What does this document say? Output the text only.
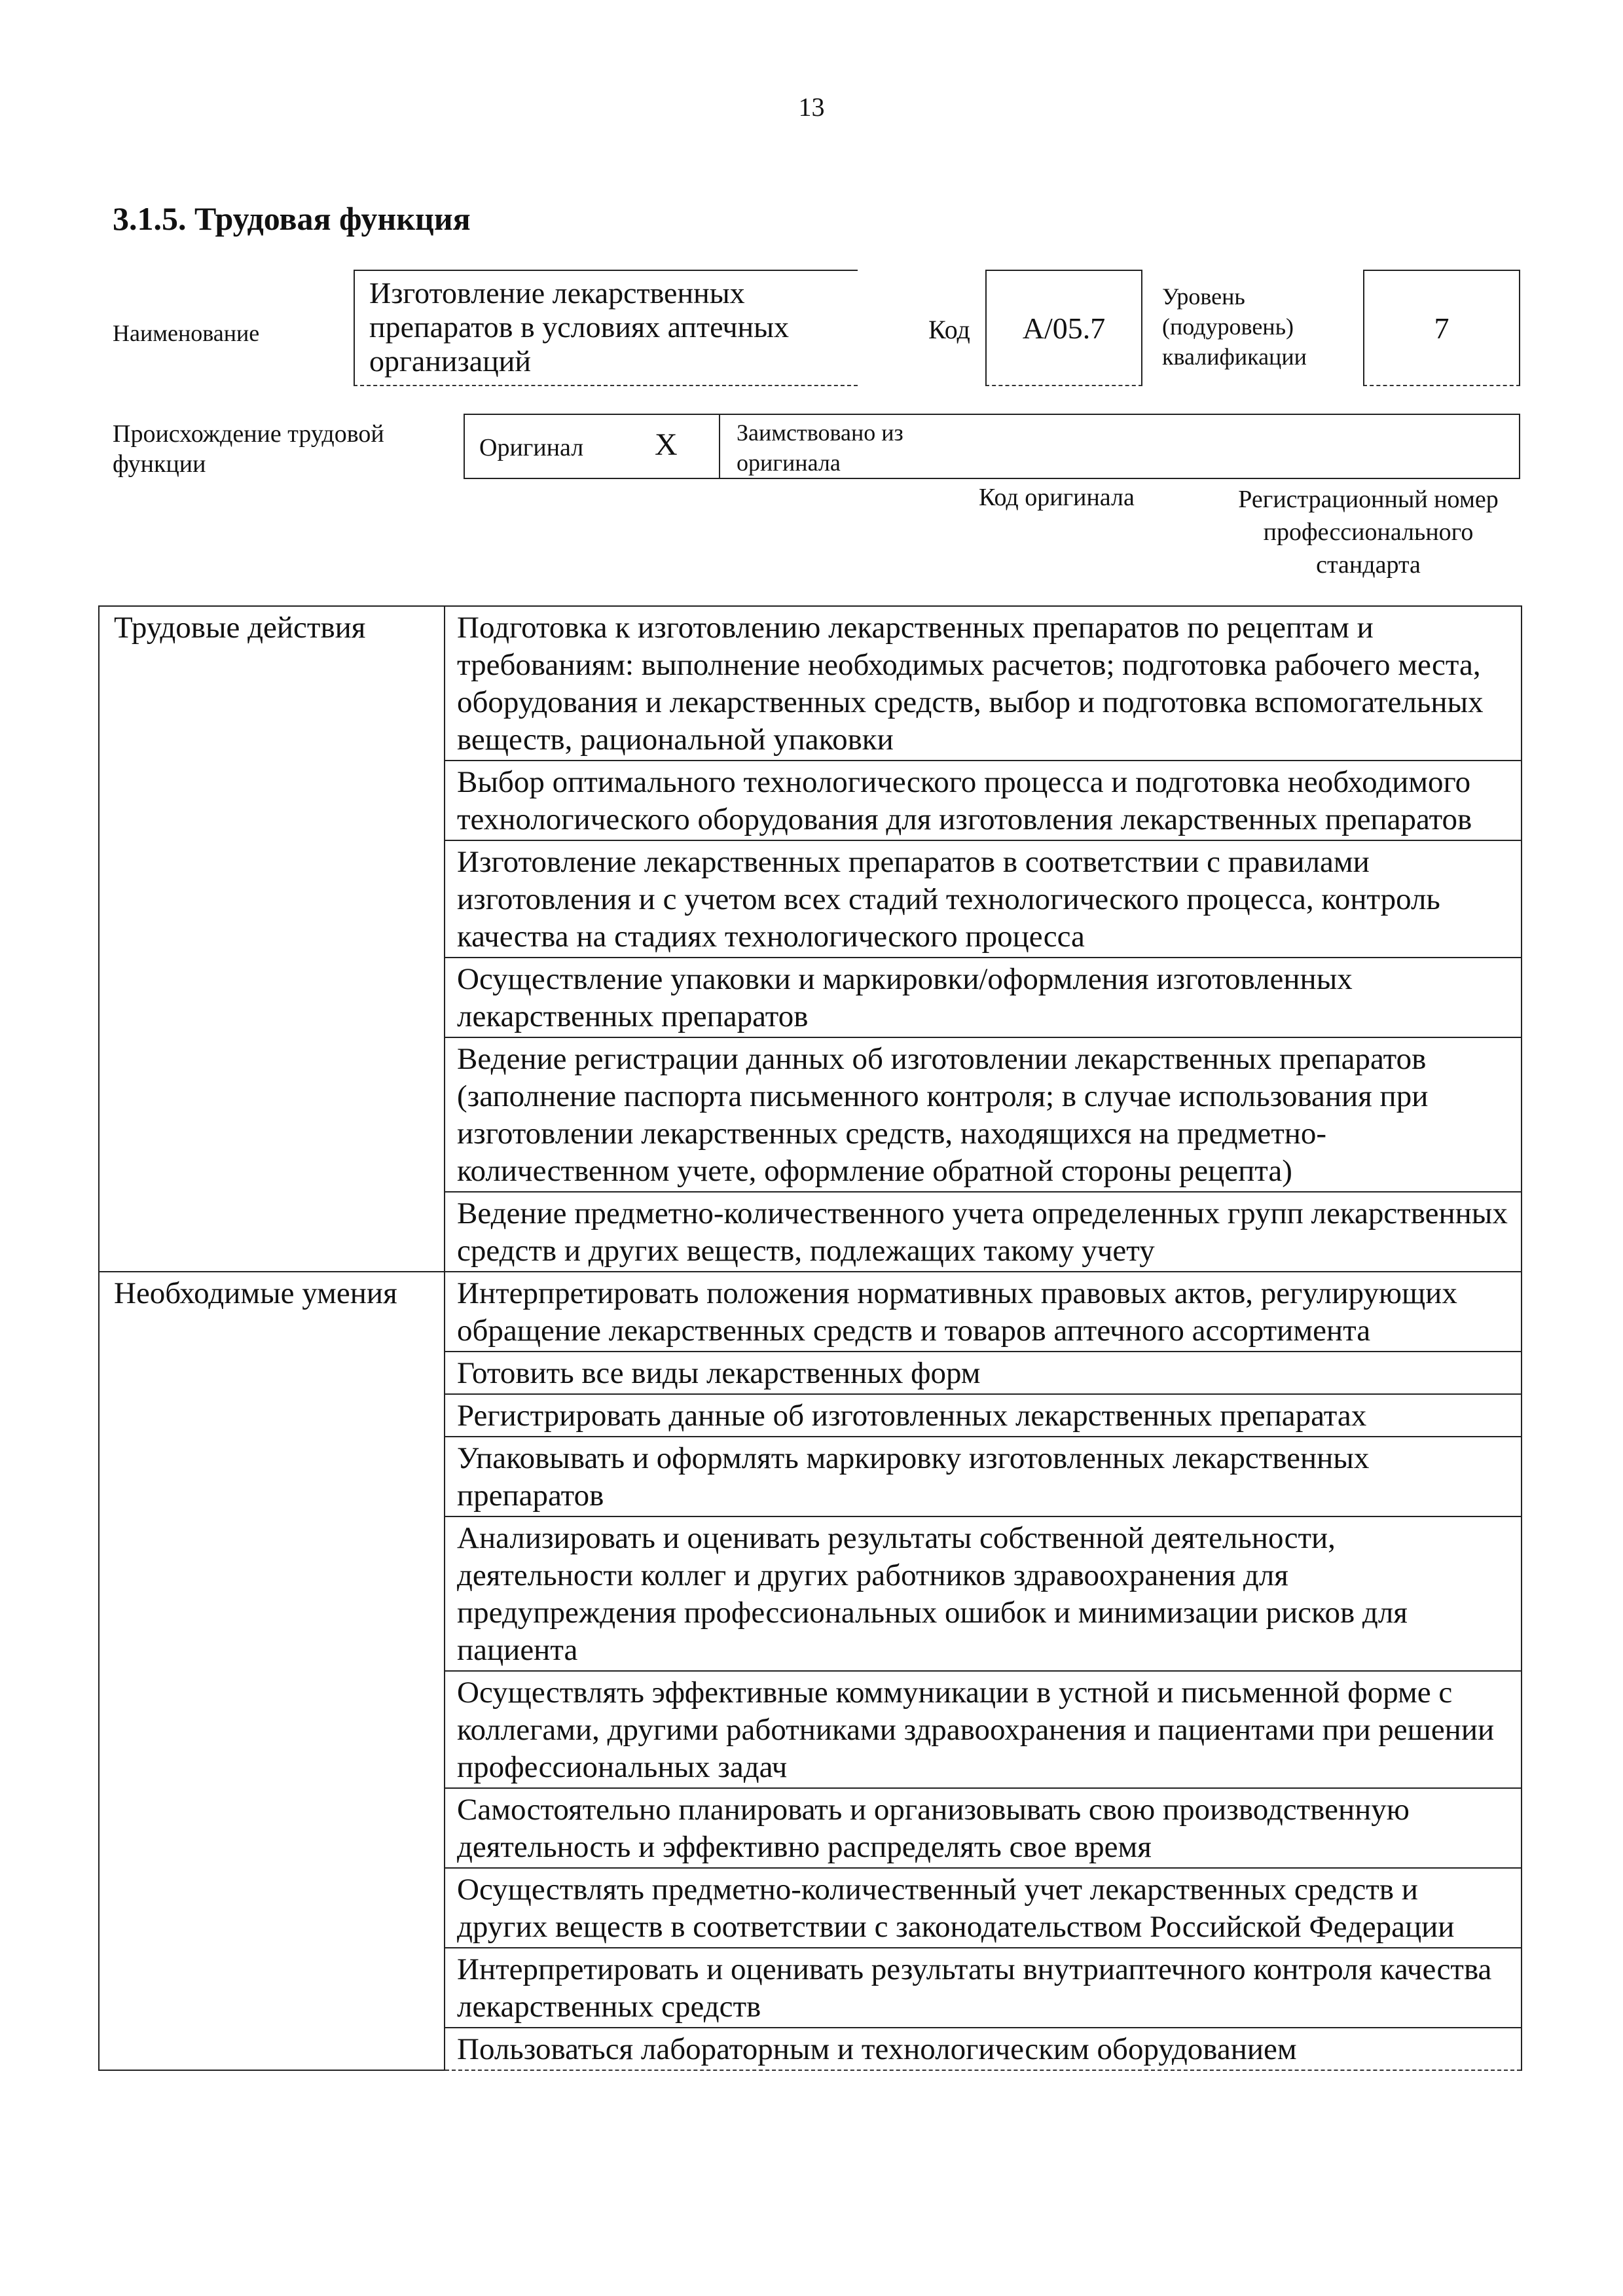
13
3.1.5. Трудовая функция
Наименование
Изготовление лекарственных препаратов в условиях аптечных организаций
Код	A/05.7
Уровень (подуровень) квалификации
7
Происхождение трудовой функции
Оригинал X	Заимствовано из оригинала
Код оригинала	Регистрационный номер профессионального стандарта
Трудовые действия	Подготовка к изготовлению лекарственных препаратов по рецептам и требованиям: выполнение необходимых расчетов; подготовка рабочего места, оборудования и лекарственных средств, выбор и подготовка вспомогательных веществ, рациональной упаковки
	Выбор оптимального технологического процесса и подготовка необходимого технологического оборудования для изготовления лекарственных препаратов
	Изготовление лекарственных препаратов в соответствии с правилами изготовления и с учетом всех стадий технологического процесса, контроль качества на стадиях технологического процесса
	Осуществление упаковки и маркировки/оформления изготовленных лекарственных препаратов
	Ведение регистрации данных об изготовлении лекарственных препаратов (заполнение паспорта письменного контроля; в случае использования при изготовлении лекарственных средств, находящихся на предметно-количественном учете, оформление обратной стороны рецепта)
	Ведение предметно-количественного учета определенных групп лекарственных средств и других веществ, подлежащих такому учету
Необходимые умения	Интерпретировать положения нормативных правовых актов, регулирующих обращение лекарственных средств и товаров аптечного ассортимента
	Готовить все виды лекарственных форм
	Регистрировать данные об изготовленных лекарственных препаратах
	Упаковывать и оформлять маркировку изготовленных лекарственных препаратов
	Анализировать и оценивать результаты собственной деятельности, деятельности коллег и других работников здравоохранения для предупреждения профессиональных ошибок и минимизации рисков для пациента
	Осуществлять эффективные коммуникации в устной и письменной форме с коллегами, другими работниками здравоохранения и пациентами при решении профессиональных задач
	Самостоятельно планировать и организовывать свою производственную деятельность и эффективно распределять свое время
	Осуществлять предметно-количественный учет лекарственных средств и других веществ в соответствии с законодательством Российской Федерации
	Интерпретировать и оценивать результаты внутриаптечного контроля качества лекарственных средств
	Пользоваться лабораторным и технологическим оборудованием
